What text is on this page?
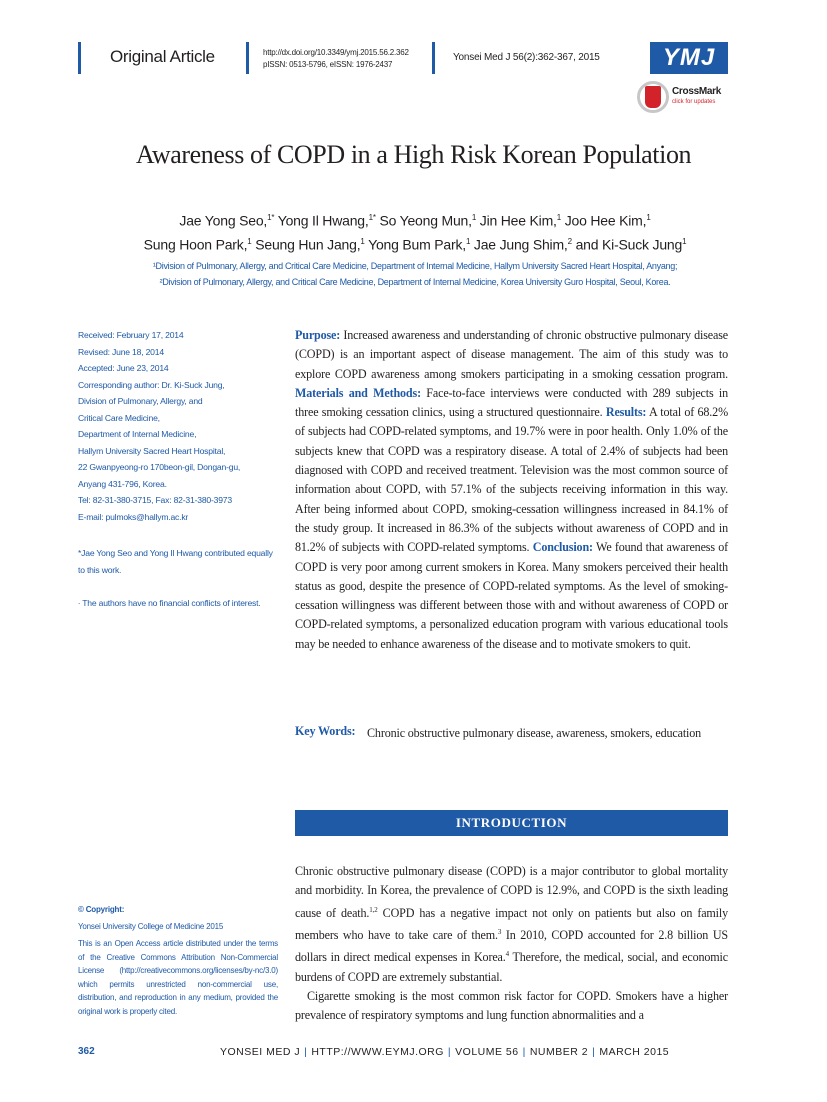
Original Article	http://dx.doi.org/10.3349/ymj.2015.56.2.362
pISSN: 0513-5796, eISSN: 1976-2437
Yonsei Med J 56(2):362-367, 2015	YMJ
CrossMark
click for updates
Awareness of COPD in a High Risk Korean Population
Jae Yong Seo,$^{1*}$ Yong Il Hwang,$^{1*}$ So Yeong Mun,$^1$ Jin Hee Kim,$^1$ Joo Hee Kim,$^1$
Sung Hoon Park,$^1$ Seung Hun Jang,$^1$ Yong Bum Park,$^1$ Jae Jung Shim,$^2$ and Ki-Suck Jung$^1$
¹Division of Pulmonary, Allergy, and Critical Care Medicine, Department of Internal Medicine, Hallym University Sacred Heart Hospital, Anyang;
²Division of Pulmonary, Allergy, and Critical Care Medicine, Department of Internal Medicine, Korea University Guro Hospital, Seoul, Korea.
Received: February 17, 2014
Revised: June 18, 2014
Accepted: June 23, 2014
Corresponding author: Dr. Ki-Suck Jung,
Division of Pulmonary, Allergy, and
Critical Care Medicine,
Department of Internal Medicine,
Hallym University Sacred Heart Hospital,
22 Gwanpyeong-ro 170beon-gil, Dongan-gu,
Anyang 431-796, Korea.
Tel: 82-31-380-3715, Fax: 82-31-380-3973
E-mail: pulmoks@hallym.ac.kr
*Jae Yong Seo and Yong Il Hwang contributed equally to this work.
∙ The authors have no financial conflicts of interest.
© Copyright:
Yonsei University College of Medicine 2015
This is an Open Access article distributed under the terms of the Creative Commons Attribution Non-Commercial License (http://creativecommons.org/licenses/by-nc/3.0) which permits unrestricted non-commercial use, distribution, and reproduction in any medium, provided the original work is properly cited.
Purpose: Increased awareness and understanding of chronic obstructive pulmonary disease (COPD) is an important aspect of disease management. The aim of this study was to explore COPD awareness among smokers participating in a smoking cessation program. Materials and Methods: Face-to-face interviews were conducted with 289 subjects in three smoking cessation clinics, using a structured questionnaire. Results: A total of 68.2% of subjects had COPD-related symptoms, and 19.7% were in poor health. Only 1.0% of the subjects knew that COPD was a respiratory disease. A total of 2.4% of subjects had been diagnosed with COPD and received treatment. Television was the most common source of information about COPD, with 57.1% of the subjects receiving information in this way. After being informed about COPD, smoking-cessation willingness increased in 84.1% of the study group. It increased in 86.3% of the subjects without awareness of COPD and in 81.2% of subjects with COPD-related symptoms. Conclusion: We found that awareness of COPD is very poor among current smokers in Korea. Many smokers perceived their health status as good, despite the presence of COPD-related symptoms. As the level of smoking-cessation willingness was different between those with and without awareness of COPD or COPD-related symptoms, a personalized education program with various educational tools may be needed to enhance awareness of the disease and to motivate smokers to quit.
Key Words: Chronic obstructive pulmonary disease, awareness, smokers, education
INTRODUCTION

Chronic obstructive pulmonary disease (COPD) is a major contributor to global mortality and morbidity. In Korea, the prevalence of COPD is 12.9%, and COPD is the sixth leading cause of death.$^{1,2}$ COPD has a negative impact not only on patients but also on family members who have to take care of them.$^3$ In 2010, COPD accounted for 2.8 billion US dollars in direct medical expenses in Korea.$^4$ Therefore, the medical, social, and economic burdens of COPD are extremely substantial.

Cigarette smoking is the most common risk factor for COPD. Smokers have a higher prevalence of respiratory symptoms and lung function abnormalities and a

362	YONSEI MED J | HTTP://WWW.EYMJ.ORG | VOLUME 56 | NUMBER 2 | MARCH 2015
